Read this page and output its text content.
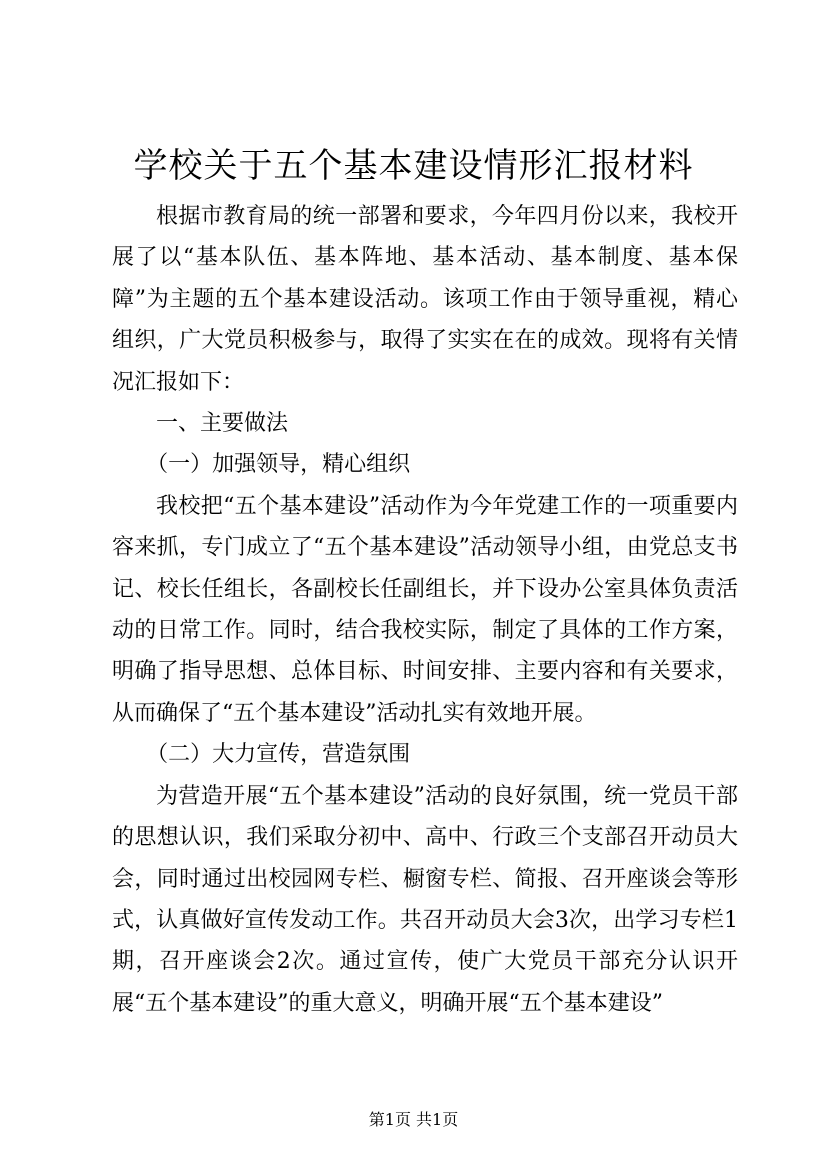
学校关于五个基本建设情形汇报材料

根据市教育局的统一部署和要求，今年四月份以来，我校开展了以“基本队伍、基本阵地、基本活动、基本制度、基本保障”为主题的五个基本建设活动。该项工作由于领导重视，精心组织，广大党员积极参与，取得了实实在在的成效。现将有关情况汇报如下：

一、主要做法

（一）加强领导，精心组织

我校把“五个基本建设”活动作为今年党建工作的一项重要内容来抓，专门成立了“五个基本建设”活动领导小组，由党总支书记、校长任组长，各副校长任副组长，并下设办公室具体负责活动的日常工作。同时，结合我校实际，制定了具体的工作方案，明确了指导思想、总体目标、时间安排、主要内容和有关要求，从而确保了“五个基本建设”活动扎实有效地开展。

（二）大力宣传，营造氛围

为营造开展“五个基本建设”活动的良好氛围，统一党员干部的思想认识，我们采取分初中、高中、行政三个支部召开动员大会，同时通过出校园网专栏、橱窗专栏、简报、召开座谈会等形式，认真做好宣传发动工作。共召开动员大会3次，出学习专栏1期，召开座谈会2次。通过宣传，使广大党员干部充分认识开展“五个基本建设”的重大意义，明确开展“五个基本建设”

第1页 共1页
